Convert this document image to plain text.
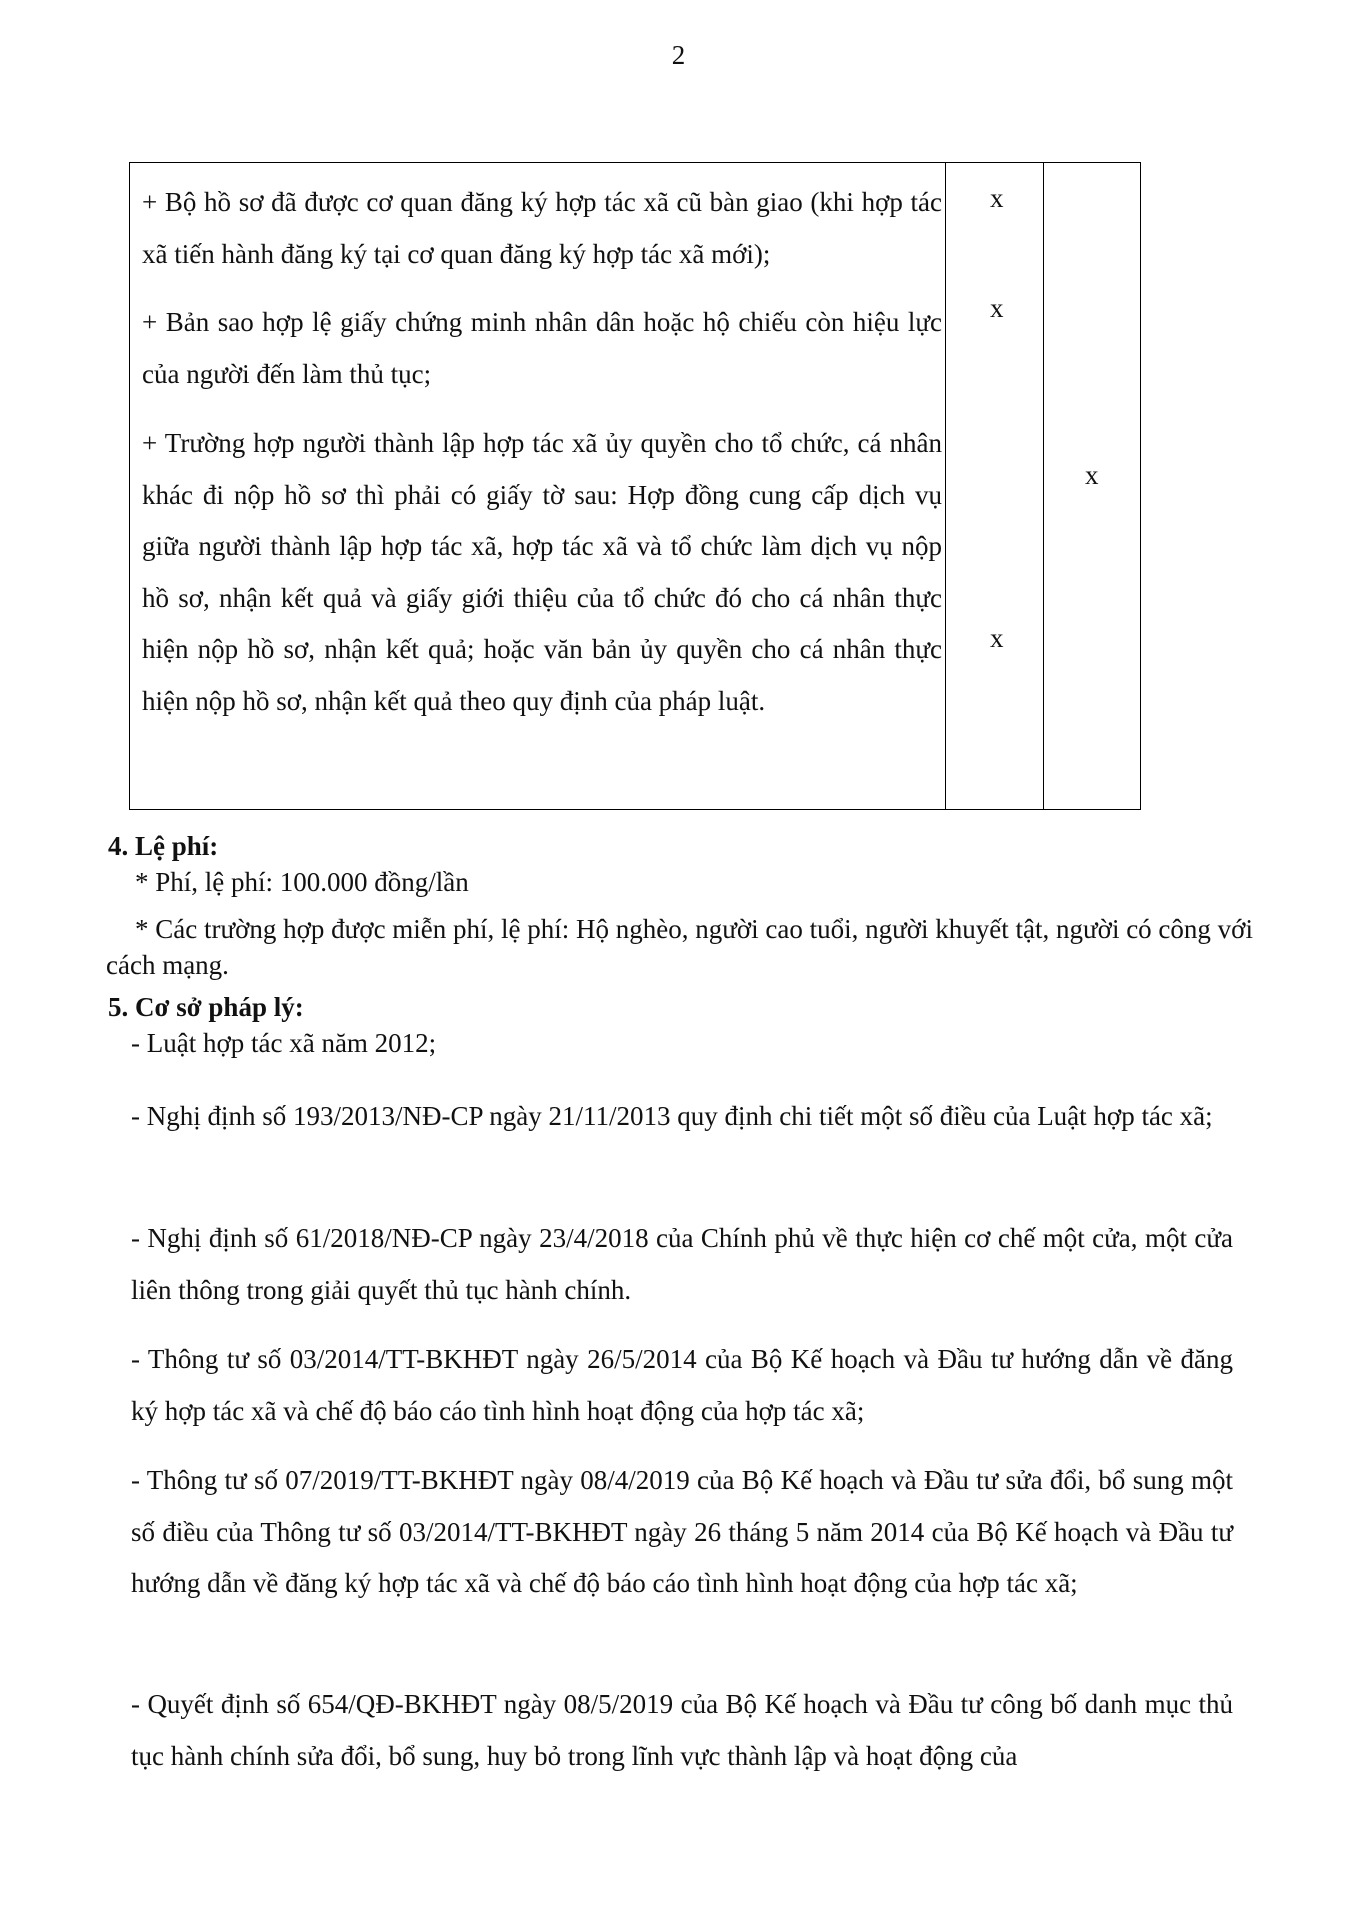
2

+ Bộ hồ sơ đã được cơ quan đăng ký hợp tác xã cũ bàn giao (khi hợp tác xã tiến hành đăng ký tại cơ quan đăng ký hợp tác xã mới);

x

+ Bản sao hợp lệ giấy chứng minh nhân dân hoặc hộ chiếu còn hiệu lực của người đến làm thủ tục;

x

+ Trường hợp người thành lập hợp tác xã ủy quyền cho tổ chức, cá nhân khác đi nộp hồ sơ thì phải có giấy tờ sau: Hợp đồng cung cấp dịch vụ giữa người thành lập hợp tác xã, hợp tác xã và tổ chức làm dịch vụ nộp hồ sơ, nhận kết quả và giấy giới thiệu của tổ chức đó cho cá nhân thực hiện nộp hồ sơ, nhận kết quả; hoặc văn bản ủy quyền cho cá nhân thực hiện nộp hồ sơ, nhận kết quả theo quy định của pháp luật.

x
x
4. Lệ phí:

* Phí, lệ phí: 100.000 đồng/lần

* Các trường hợp được miễn phí, lệ phí: Hộ nghèo, người cao tuổi, người khuyết tật, người có công với cách mạng.

5. Cơ sở pháp lý:

- Luật hợp tác xã năm 2012;

- Nghị định số 193/2013/NĐ-CP ngày 21/11/2013 quy định chi tiết một số điều của Luật hợp tác xã;

- Nghị định số 61/2018/NĐ-CP ngày 23/4/2018 của Chính phủ về thực hiện cơ chế một cửa, một cửa liên thông trong giải quyết thủ tục hành chính.

- Thông tư số 03/2014/TT-BKHĐT ngày 26/5/2014 của Bộ Kế hoạch và Đầu tư hướng dẫn về đăng ký hợp tác xã và chế độ báo cáo tình hình hoạt động của hợp tác xã;

- Thông tư số 07/2019/TT-BKHĐT ngày 08/4/2019 của Bộ Kế hoạch và Đầu tư sửa đổi, bổ sung một số điều của Thông tư số 03/2014/TT-BKHĐT ngày 26 tháng 5 năm 2014 của Bộ Kế hoạch và Đầu tư hướng dẫn về đăng ký hợp tác xã và chế độ báo cáo tình hình hoạt động của hợp tác xã;

- Quyết định số 654/QĐ-BKHĐT ngày 08/5/2019 của Bộ Kế hoạch và Đầu tư công bố danh mục thủ tục hành chính sửa đổi, bổ sung, huy bỏ trong lĩnh vực thành lập và hoạt động của
